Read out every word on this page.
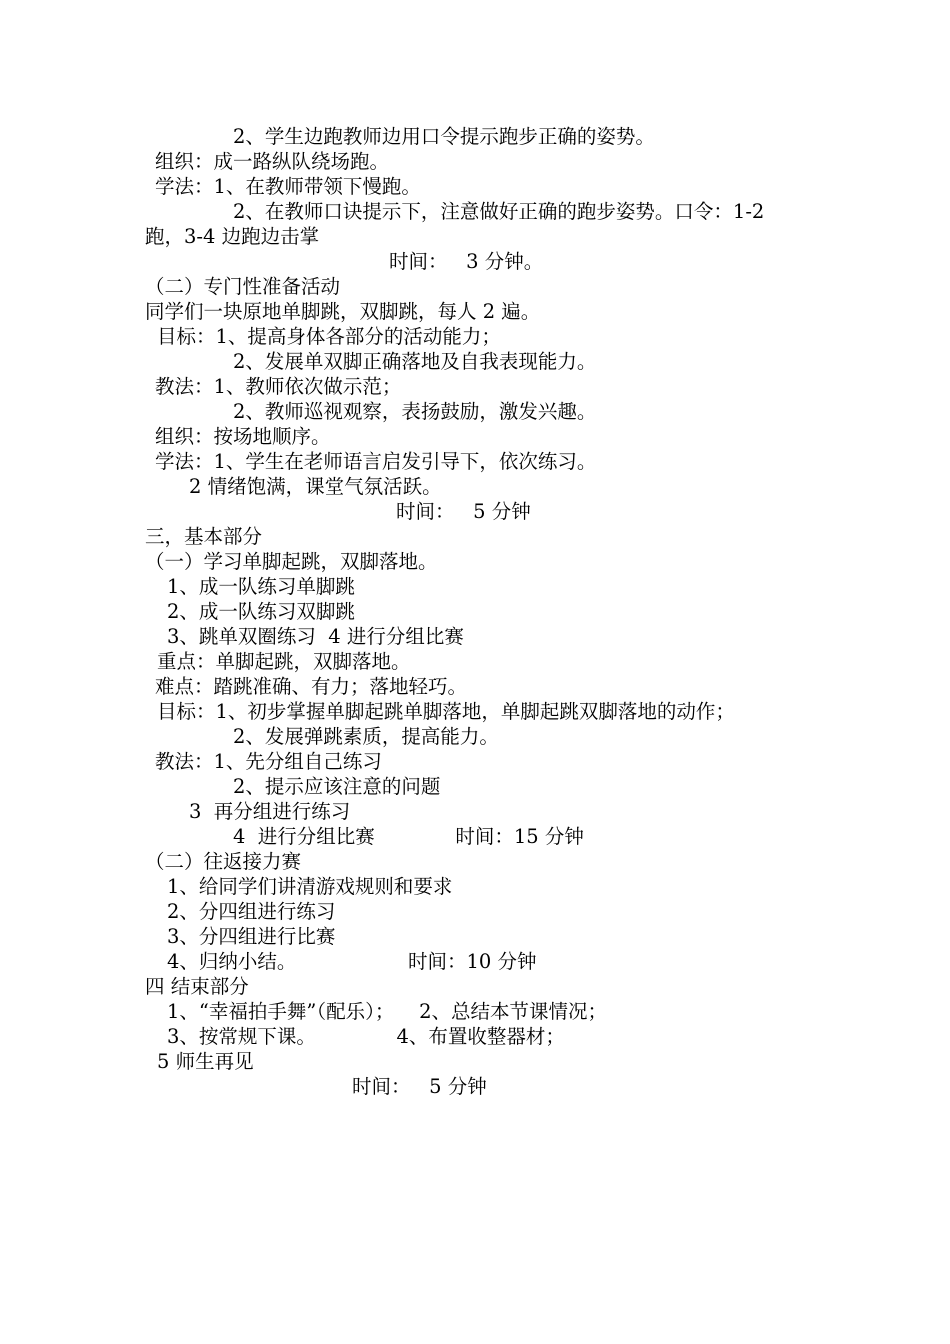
2、学生边跑教师边用口令提示跑步正确的姿势。
组织：成一路纵队绕场跑。
学法：1、在教师带领下慢跑。
2、在教师口诀提示下，注意做好正确的跑步姿势。口令：1-2
跑，3-4 边跑边击掌
时间：   3 分钟。
（二）专门性准备活动
同学们一块原地单脚跳，双脚跳，每人 2 遍。
目标：1、提高身体各部分的活动能力；
2、发展单双脚正确落地及自我表现能力。
教法：1、教师依次做示范；
2、教师巡视观察，表扬鼓励，激发兴趣。
组织：按场地顺序。
学法：1、学生在老师语言启发引导下，依次练习。
2 情绪饱满，课堂气氛活跃。
时间：   5 分钟
三，基本部分
（一）学习单脚起跳，双脚落地。
1、成一队练习单脚跳
2、成一队练习双脚跳
3、跳单双圈练习  4 进行分组比赛
重点：单脚起跳，双脚落地。
难点：踏跳准确、有力；落地轻巧。
目标：1、初步掌握单脚起跳单脚落地，单脚起跳双脚落地的动作；
2、发展弹跳素质，提高能力。
教法：1、先分组自己练习
2、提示应该注意的问题
3  再分组进行练习
4  进行分组比赛             时间：15 分钟
（二）往返接力赛
1、给同学们讲清游戏规则和要求
2、分四组进行练习
3、分四组进行比赛
4、归纳小结。                  时间：10 分钟
四 结束部分
1、“幸福拍手舞”（配乐）；    2、总结本节课情况；
3、按常规下课。             4、布置收整器材；
5 师生再见
时间：   5 分钟
